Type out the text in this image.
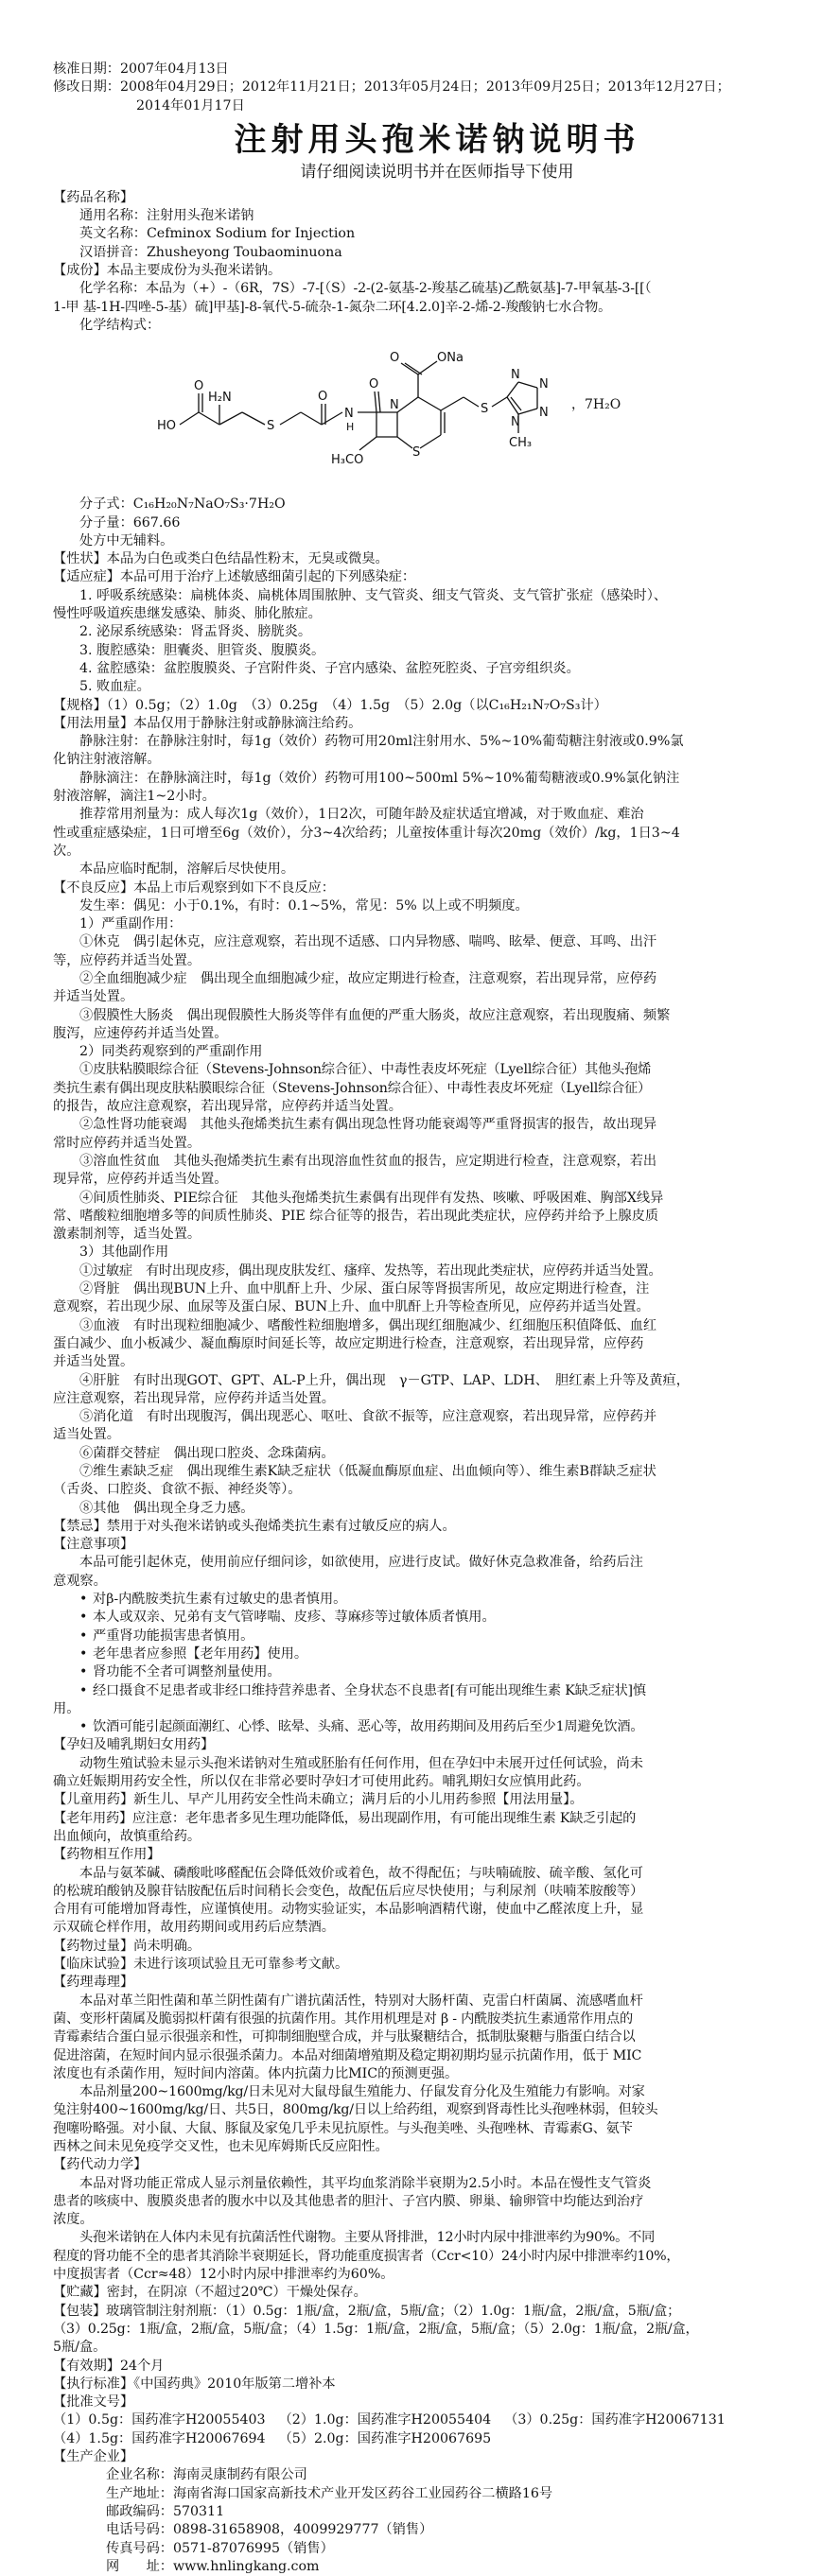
核准日期：2007年04月13日

修改日期：2008年04月29日；2012年11月21日；2013年05月24日；2013年09月25日；2013年12月27日；

2014年01月17日

注射用头孢米诺钠说明书
请仔细阅读说明书并在医师指导下使用

【药品名称】

通用名称：注射用头孢米诺钠

英文名称：Cefminox Sodium for Injection

汉语拼音：Zhusheyong Toubaominuona

【成份】本品主要成份为头孢米诺钠。

化学名称：本品为（+）-（6R，7S）-7-[（S）-2-(2-氨基-2-羧基乙硫基)乙酰氨基]-7-甲氧基-3-[[（

1-甲 基-1H-四唑-5-基）硫]甲基]-8-氧代-5-硫杂-1-氮杂二环[4.2.0]辛-2-烯-2-羧酸钠七水合物。

化学结构式：

HO
O
H₂N
S
O
N
H
O
S
N
H₃CO
O	ONa
S
N
N
N
N
CH₃
，7H₂O

分子式：C₁₆H₂₀N₇NaO₇S₃·7H₂O

分子量：667.66

处方中无辅料。

【性状】本品为白色或类白色结晶性粉末，无臭或微臭。

【适应症】本品可用于治疗上述敏感细菌引起的下列感染症：

1. 呼吸系统感染：扁桃体炎、扁桃体周围脓肿、支气管炎、细支气管炎、支气管扩张症（感染时）、

慢性呼吸道疾患继发感染、肺炎、肺化脓症。

2. 泌尿系统感染：肾盂肾炎、膀胱炎。

3. 腹腔感染：胆囊炎、胆管炎、腹膜炎。

4. 盆腔感染：盆腔腹膜炎、子宫附件炎、子宫内感染、盆腔死腔炎、子宫旁组织炎。

5. 败血症。

【规格】（1）0.5g；（2）1.0g　（3）0.25g　（4）1.5g　（5）2.0g（以C₁₆H₂₁N₇O₇S₃计）

【用法用量】本品仅用于静脉注射或静脉滴注给药。

静脉注射：在静脉注射时，每1g（效价）药物可用20ml注射用水、5%~10%葡萄糖注射液或0.9%氯

化钠注射液溶解。

静脉滴注：在静脉滴注时，每1g（效价）药物可用100~500ml 5%~10%葡萄糖液或0.9%氯化钠注

射液溶解，滴注1~2小时。

推荐常用剂量为：成人每次1g（效价），1日2次，可随年龄及症状适宜增减，对于败血症、难治

性或重症感染症，1日可增至6g（效价），分3~4次给药；儿童按体重计每次20mg（效价）/kg，1日3~4

次。

本品应临时配制，溶解后尽快使用。

【不良反应】本品上市后观察到如下不良反应：

发生率：偶见：小于0.1%，有时：0.1~5%，常见：5% 以上或不明频度。

1）严重副作用：

①休克　偶引起休克，应注意观察，若出现不适感、口内异物感、喘鸣、眩晕、便意、耳鸣、出汗

等，应停药并适当处置。

②全血细胞减少症　偶出现全血细胞减少症，故应定期进行检查，注意观察，若出现异常，应停药

并适当处置。

③假膜性大肠炎　偶出现假膜性大肠炎等伴有血便的严重大肠炎，故应注意观察，若出现腹痛、频繁

腹泻，应速停药并适当处置。

2）同类药观察到的严重副作用

①皮肤粘膜眼综合征（Stevens-Johnson综合征）、中毒性表皮坏死症（Lyell综合征）其他头孢烯

类抗生素有偶出现皮肤粘膜眼综合征（Stevens-Johnson综合征）、中毒性表皮坏死症（Lyell综合征）

的报告，故应注意观察，若出现异常，应停药并适当处置。

②急性肾功能衰竭　其他头孢烯类抗生素有偶出现急性肾功能衰竭等严重肾损害的报告，故出现异

常时应停药并适当处置。

③溶血性贫血　其他头孢烯类抗生素有出现溶血性贫血的报告，应定期进行检查，注意观察，若出

现异常，应停药并适当处置。

④间质性肺炎、PIE综合征　其他头孢烯类抗生素偶有出现伴有发热、咳嗽、呼吸困难、胸部X线异

常、嗜酸粒细胞增多等的间质性肺炎、PIE 综合征等的报告，若出现此类症状，应停药并给予上腺皮质

激素制剂等，适当处置。

3）其他副作用

①过敏症　有时出现皮疹，偶出现皮肤发红、瘙痒、发热等，若出现此类症状，应停药并适当处置。

②肾脏　偶出现BUN上升、血中肌酐上升、少尿、蛋白尿等肾损害所见，故应定期进行检查，注

意观察，若出现少尿、血尿等及蛋白尿、BUN上升、血中肌酐上升等检查所见，应停药并适当处置。

③血液　有时出现粒细胞减少、嗜酸性粒细胞增多，偶出现红细胞减少、红细胞压积值降低、血红

蛋白减少、血小板减少、凝血酶原时间延长等，故应定期进行检查，注意观察，若出现异常，应停药

并适当处置。

④肝脏　有时出现GOT、GPT、AL-P上升，偶出现　γ－GTP、LAP、LDH、　胆红素上升等及黄疸，

应注意观察，若出现异常，应停药并适当处置。

⑤消化道　有时出现腹泻，偶出现恶心、呕吐、食欲不振等，应注意观察，若出现异常，应停药并

适当处置。

⑥菌群交替症　偶出现口腔炎、念珠菌病。

⑦维生素缺乏症　偶出现维生素K缺乏症状（低凝血酶原血症、出血倾向等）、维生素B群缺乏症状

（舌炎、口腔炎、食欲不振、神经炎等）。

⑧其他　偶出现全身乏力感。

【禁忌】禁用于对头孢米诺钠或头孢烯类抗生素有过敏反应的病人。

【注意事项】

本品可能引起休克，使用前应仔细问诊，如欲使用，应进行皮试。做好休克急救准备，给药后注

意观察。

• 对β-内酰胺类抗生素有过敏史的患者慎用。

• 本人或双亲、兄弟有支气管哮喘、皮疹、荨麻疹等过敏体质者慎用。

• 严重肾功能损害患者慎用。

• 老年患者应参照【老年用药】使用。

• 肾功能不全者可调整剂量使用。

• 经口摄食不足患者或非经口维持营养患者、全身状态不良患者[有可能出现维生素 K缺乏症状]慎

用。

• 饮酒可能引起颜面潮红、心悸、眩晕、头痛、恶心等，故用药期间及用药后至少1周避免饮酒。

【孕妇及哺乳期妇女用药】

动物生殖试验未显示头孢米诺钠对生殖或胚胎有任何作用，但在孕妇中未展开过任何试验，尚未

确立妊娠期用药安全性，所以仅在非常必要时孕妇才可使用此药。哺乳期妇女应慎用此药。

【儿童用药】新生儿、早产儿用药安全性尚未确立；满月后的小儿用药参照【用法用量】。

【老年用药】应注意：老年患者多见生理功能降低，易出现副作用，有可能出现维生素 K缺乏引起的

出血倾向，故慎重给药。

【药物相互作用】

本品与氨苯碱、磷酸吡哆醛配伍会降低效价或着色，故不得配伍；与呋喃硫胺、硫辛酸、氢化可

的松琥珀酸钠及腺苷钴胺配伍后时间稍长会变色，故配伍后应尽快使用；与利尿剂（呋喃苯胺酸等）

合用有可能增加肾毒性，应谨慎使用。动物实验证实，本品影响酒精代谢，使血中乙醛浓度上升，显

示双硫仑样作用，故用药期间或用药后应禁酒。

【药物过量】尚未明确。

【临床试验】未进行该项试验且无可靠参考文献。

【药理毒理】

本品对革兰阳性菌和革兰阴性菌有广谱抗菌活性，特别对大肠杆菌、克雷白杆菌属、流感嗜血杆

菌、变形杆菌属及脆弱拟杆菌有很强的抗菌作用。其作用机理是对 β - 内酰胺类抗生素通常作用点的

青霉素结合蛋白显示很强亲和性，可抑制细胞壁合成，并与肽聚糖结合，抵制肽聚糖与脂蛋白结合以

促进溶菌，在短时间内显示很强杀菌力。本品对细菌增殖期及稳定期初期均显示抗菌作用，低于 MIC

浓度也有杀菌作用，短时间内溶菌。体内抗菌力比MIC的预测更强。

本品剂量200~1600mg/kg/日未见对大鼠母鼠生殖能力、仔鼠发育分化及生殖能力有影响。对家

兔注射400~1600mg/kg/日、共5日，800mg/kg/日以上给药组，观察到肾毒性比头孢唑林弱，但较头

孢噻吩略强。对小鼠、大鼠、豚鼠及家兔几乎未见抗原性。与头孢美唑、头孢唑林、青霉素G、氨苄

西林之间未见免疫学交叉性，也未见库姆斯氏反应阳性。

【药代动力学】

本品对肾功能正常成人显示剂量依赖性，其平均血浆消除半衰期为2.5小时。本品在慢性支气管炎

患者的咳痰中、腹膜炎患者的腹水中以及其他患者的胆汁、子宫内膜、卵巢、输卵管中均能达到治疗

浓度。

头孢米诺钠在人体内未见有抗菌活性代谢物。主要从肾排泄，12小时内尿中排泄率约为90%。不同

程度的肾功能不全的患者其消除半衰期延长，肾功能重度损害者（Ccr<10）24小时内尿中排泄率约10%，

中度损害者（Ccr≈48）12小时内尿中排泄率约为60%。

【贮藏】密封，在阴凉（不超过20℃）干燥处保存。

【包装】玻璃管制注射剂瓶：（1）0.5g：1瓶/盒，2瓶/盒，5瓶/盒；（2）1.0g：1瓶/盒，2瓶/盒，5瓶/盒；

（3）0.25g：1瓶/盒，2瓶/盒，5瓶/盒；（4）1.5g：1瓶/盒，2瓶/盒，5瓶/盒；（5）2.0g：1瓶/盒，2瓶/盒，

5瓶/盒。

【有效期】24个月

【执行标准】《中国药典》2010年版第二增补本

【批准文号】

（1）0.5g：国药准字H20055403	（2）1.0g：国药准字H20055404	（3）0.25g：国药准字H20067131
（4）1.5g：国药准字H20067694	（5）2.0g：国药准字H20067695	

【生产企业】

企业名称：海南灵康制药有限公司

生产地址：海南省海口国家高新技术产业开发区药谷工业园药谷二横路16号

邮政编码：570311

电话号码：0898-31658908，4009929777（销售）

传真号码：0571-87076995（销售）

网　　址：www.hnlingkang.com
